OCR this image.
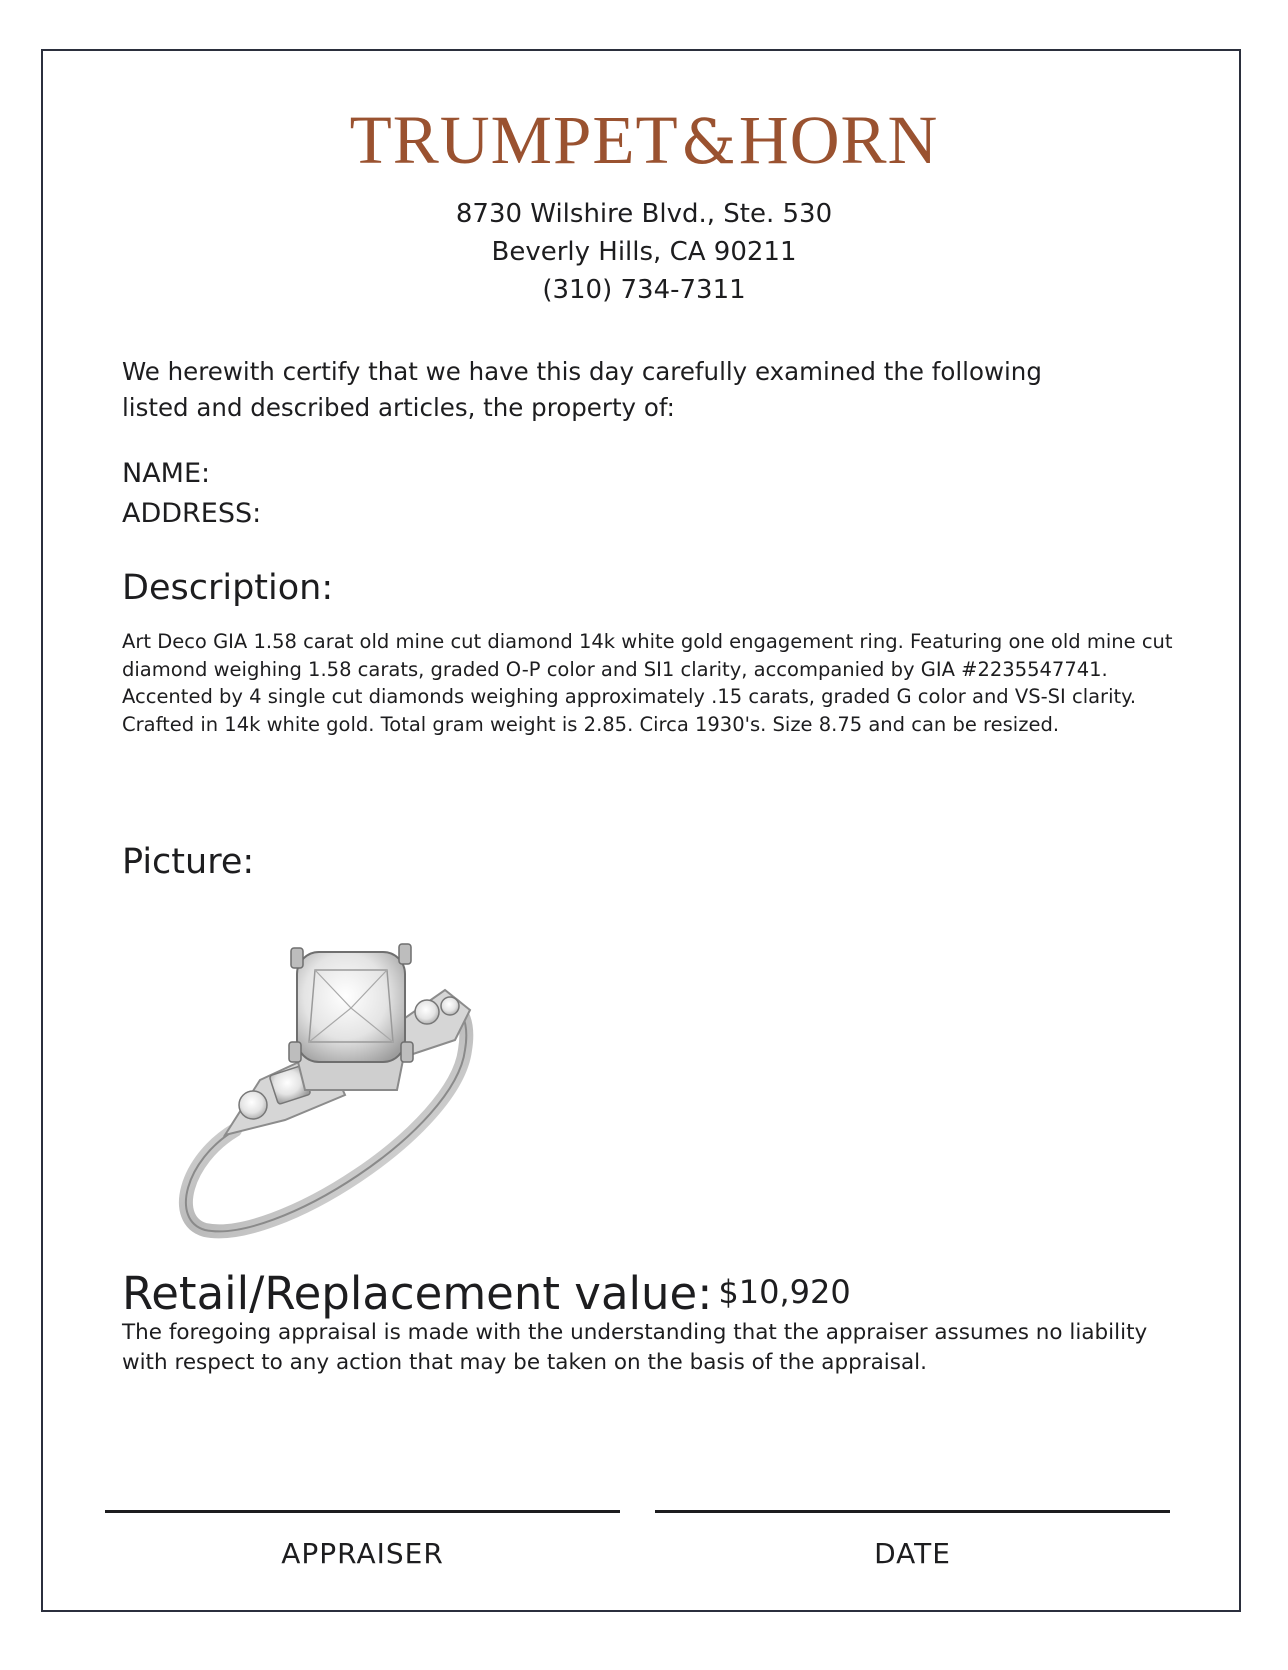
TRUMPET&HORN
8730 Wilshire Blvd., Ste. 530
Beverly Hills, CA 90211
(310) 734-7311
We herewith certify that we have this day carefully examined the following
listed and described articles, the property of:
NAME:
ADDRESS:
Description:
Art Deco GIA 1.58 carat old mine cut diamond 14k white gold engagement ring. Featuring one old mine cut diamond weighing 1.58 carats, graded O-P color and SI1 clarity, accompanied by GIA #2235547741. Accented by 4 single cut diamonds weighing approximately .15 carats, graded G color and VS-SI clarity. Crafted in 14k white gold. Total gram weight is 2.85. Circa 1930's. Size 8.75 and can be resized.
Picture:
Retail/Replacement value: $10,920
The foregoing appraisal is made with the understanding that the appraiser assumes no liability with respect to any action that may be taken on the basis of the appraisal.
APPRAISER	DATE
